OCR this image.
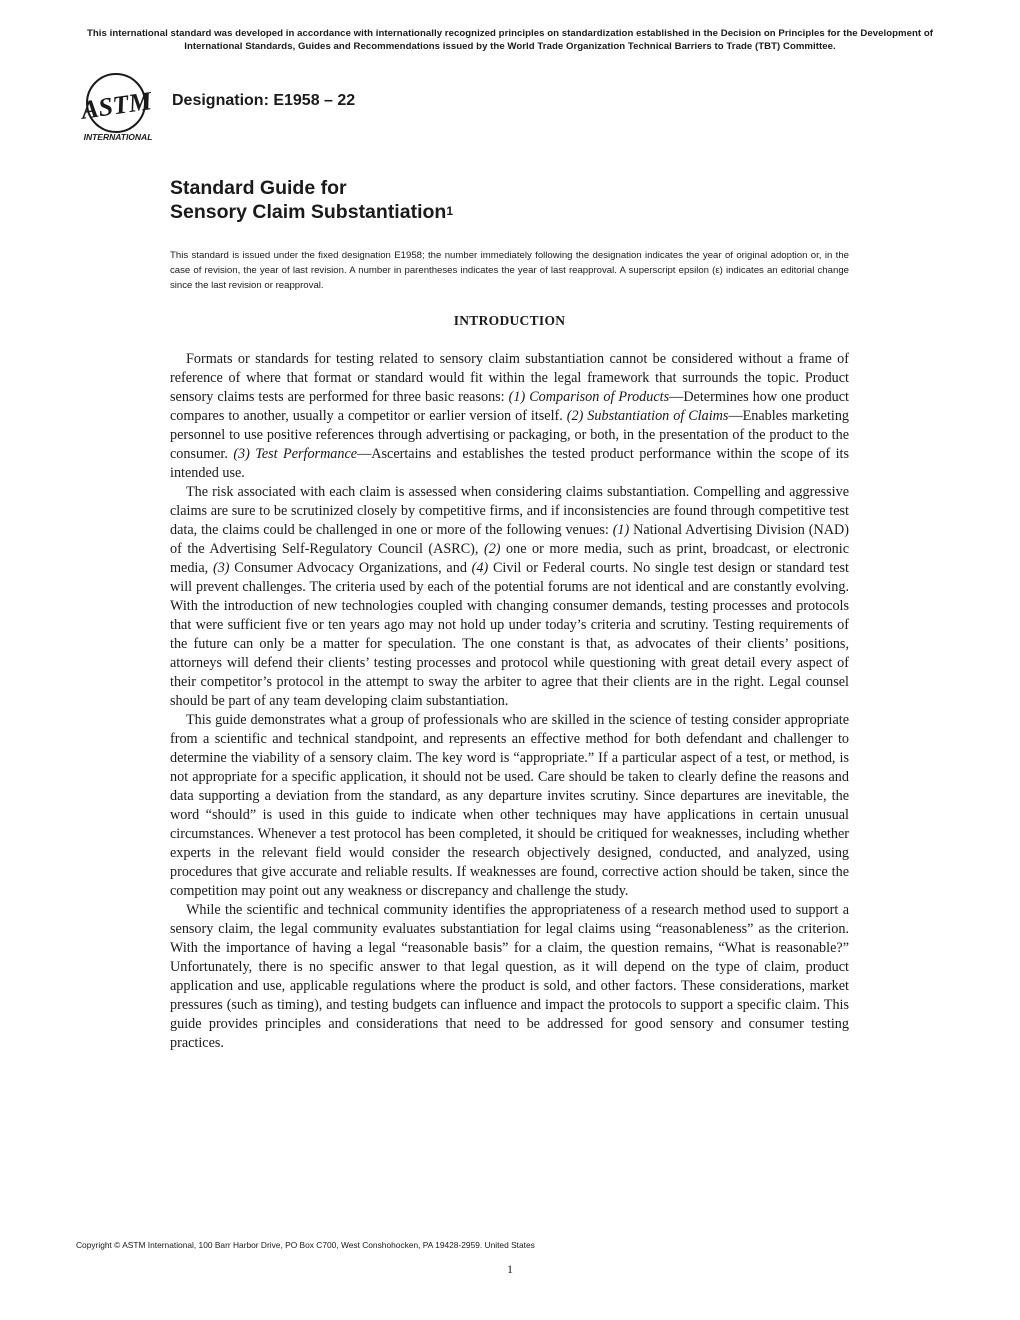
This international standard was developed in accordance with internationally recognized principles on standardization established in the Decision on Principles for the Development of International Standards, Guides and Recommendations issued by the World Trade Organization Technical Barriers to Trade (TBT) Committee.
ASTM
INTERNATIONAL
Designation: E1958 – 22
Standard Guide for
Sensory Claim Substantiation$^1$
This standard is issued under the fixed designation E1958; the number immediately following the designation indicates the year of original adoption or, in the case of revision, the year of last revision. A number in parentheses indicates the year of last reapproval. A superscript epsilon (ε) indicates an editorial change since the last revision or reapproval.
INTRODUCTION

Formats or standards for testing related to sensory claim substantiation cannot be considered without a frame of reference of where that format or standard would fit within the legal framework that surrounds the topic. Product sensory claims tests are performed for three basic reasons: (1) Comparison of Products—Determines how one product compares to another, usually a competitor or earlier version of itself. (2) Substantiation of Claims—Enables marketing personnel to use positive references through advertising or packaging, or both, in the presentation of the product to the consumer. (3) Test Performance—Ascertains and establishes the tested product performance within the scope of its intended use.

The risk associated with each claim is assessed when considering claims substantiation. Compelling and aggressive claims are sure to be scrutinized closely by competitive firms, and if inconsistencies are found through competitive test data, the claims could be challenged in one or more of the following venues: (1) National Advertising Division (NAD) of the Advertising Self-Regulatory Council (ASRC), (2) one or more media, such as print, broadcast, or electronic media, (3) Consumer Advocacy Organizations, and (4) Civil or Federal courts. No single test design or standard test will prevent challenges. The criteria used by each of the potential forums are not identical and are constantly evolving. With the introduction of new technologies coupled with changing consumer demands, testing processes and protocols that were sufficient five or ten years ago may not hold up under today’s criteria and scrutiny. Testing requirements of the future can only be a matter for speculation. The one constant is that, as advocates of their clients’ positions, attorneys will defend their clients’ testing processes and protocol while questioning with great detail every aspect of their competitor’s protocol in the attempt to sway the arbiter to agree that their clients are in the right. Legal counsel should be part of any team developing claim substantiation.

This guide demonstrates what a group of professionals who are skilled in the science of testing consider appropriate from a scientific and technical standpoint, and represents an effective method for both defendant and challenger to determine the viability of a sensory claim. The key word is “appropriate.” If a particular aspect of a test, or method, is not appropriate for a specific application, it should not be used. Care should be taken to clearly define the reasons and data supporting a deviation from the standard, as any departure invites scrutiny. Since departures are inevitable, the word “should” is used in this guide to indicate when other techniques may have applications in certain unusual circumstances. Whenever a test protocol has been completed, it should be critiqued for weaknesses, including whether experts in the relevant field would consider the research objectively designed, conducted, and analyzed, using procedures that give accurate and reliable results. If weaknesses are found, corrective action should be taken, since the competition may point out any weakness or discrepancy and challenge the study.

While the scientific and technical community identifies the appropriateness of a research method used to support a sensory claim, the legal community evaluates substantiation for legal claims using “reasonableness” as the criterion. With the importance of having a legal “reasonable basis” for a claim, the question remains, “What is reasonable?” Unfortunately, there is no specific answer to that legal question, as it will depend on the type of claim, product application and use, applicable regulations where the product is sold, and other factors. These considerations, market pressures (such as timing), and testing budgets can influence and impact the protocols to support a specific claim. This guide provides principles and considerations that need to be addressed for good sensory and consumer testing practices.

Copyright © ASTM International, 100 Barr Harbor Drive, PO Box C700, West Conshohocken, PA 19428-2959. United States
1
